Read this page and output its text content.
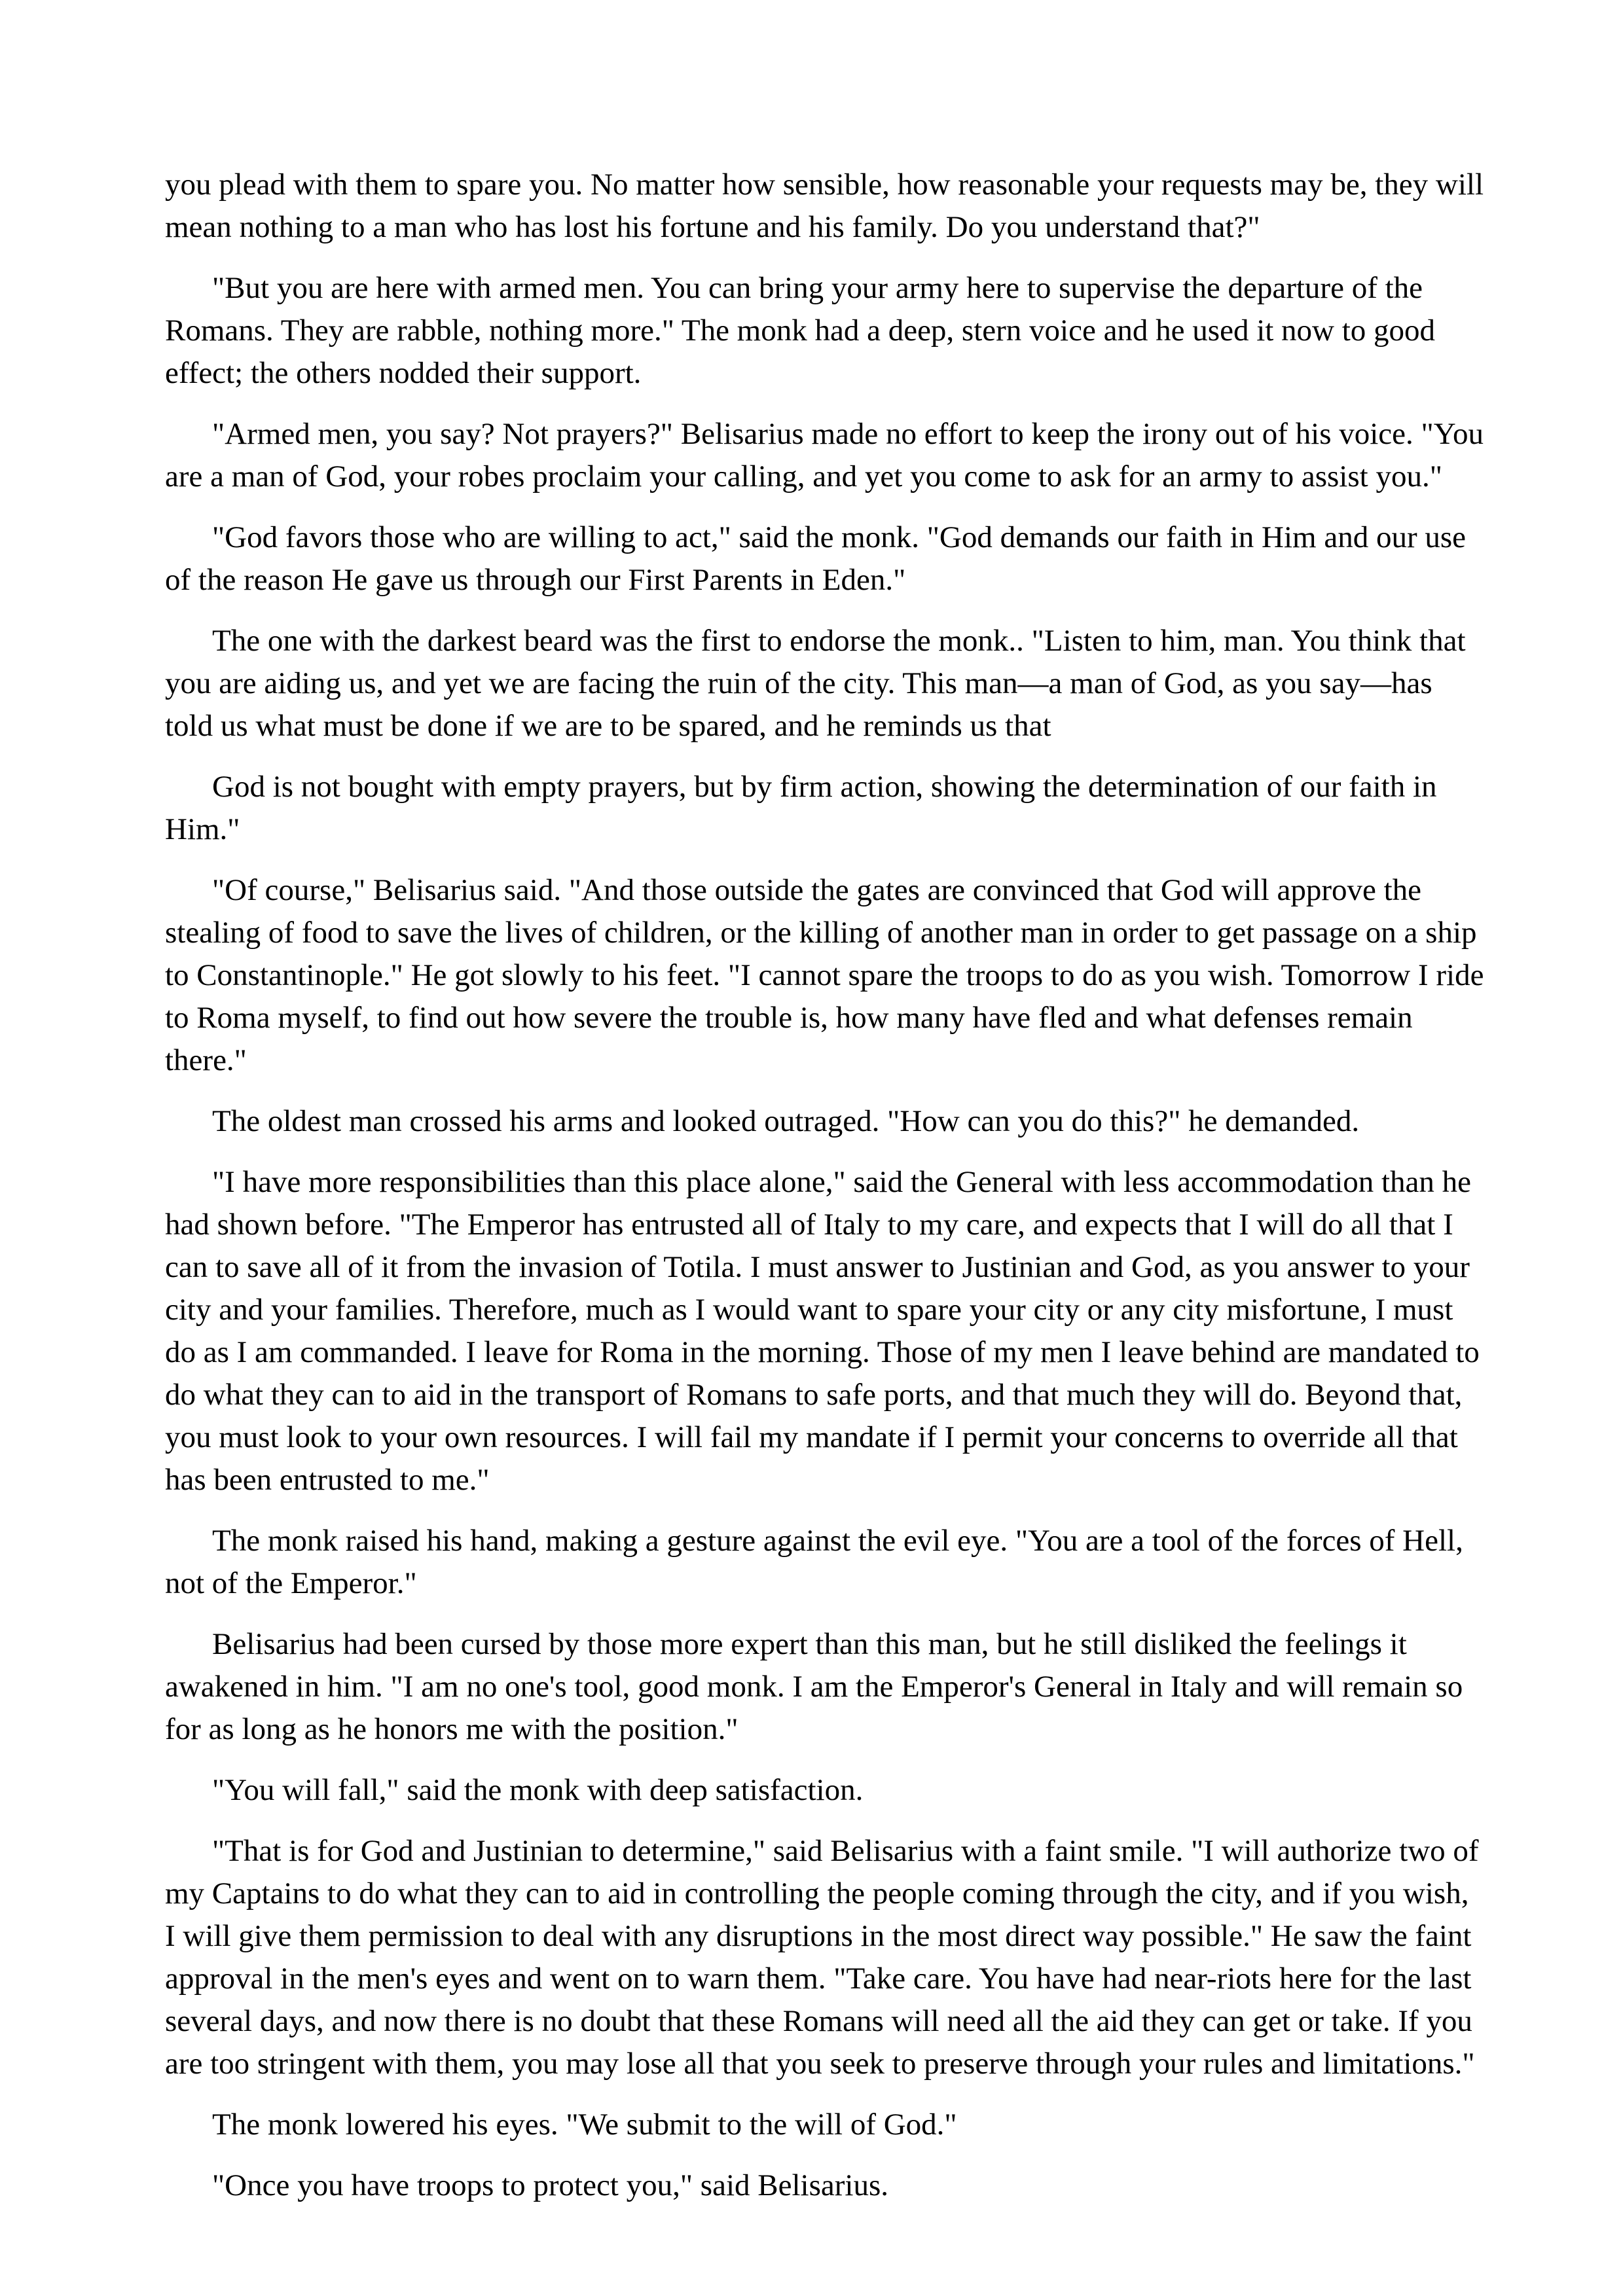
you plead with them to spare you. No matter how sensible, how reasonable your requests may be, they will mean nothing to a man who has lost his fortune and his family. Do you understand that?"

"But you are here with armed men. You can bring your army here to supervise the departure of the Romans. They are rabble, nothing more." The monk had a deep, stern voice and he used it now to good effect; the others nodded their support.

"Armed men, you say? Not prayers?" Belisarius made no effort to keep the irony out of his voice. "You are a man of God, your robes proclaim your calling, and yet you come to ask for an army to assist you."

"God favors those who are willing to act," said the monk. "God demands our faith in Him and our use of the reason He gave us through our First Parents in Eden."

The one with the darkest beard was the first to endorse the monk.. "Listen to him, man. You think that you are aiding us, and yet we are facing the ruin of the city. This man—a man of God, as you say—has told us what must be done if we are to be spared, and he reminds us that

God is not bought with empty prayers, but by firm action, showing the determination of our faith in Him."

"Of course," Belisarius said. "And those outside the gates are convinced that God will approve the stealing of food to save the lives of children, or the killing of another man in order to get passage on a ship to Constantinople." He got slowly to his feet. "I cannot spare the troops to do as you wish. Tomorrow I ride to Roma myself, to find out how severe the trouble is, how many have fled and what defenses remain there."

The oldest man crossed his arms and looked outraged. "How can you do this?" he demanded.

"I have more responsibilities than this place alone," said the General with less accommodation than he had shown before. "The Emperor has entrusted all of Italy to my care, and expects that I will do all that I can to save all of it from the invasion of Totila. I must answer to Justinian and God, as you answer to your city and your families. Therefore, much as I would want to spare your city or any city misfortune, I must do as I am commanded. I leave for Roma in the morning. Those of my men I leave behind are mandated to do what they can to aid in the transport of Romans to safe ports, and that much they will do. Beyond that, you must look to your own resources. I will fail my mandate if I permit your concerns to override all that has been entrusted to me."

The monk raised his hand, making a gesture against the evil eye. "You are a tool of the forces of Hell, not of the Emperor."

Belisarius had been cursed by those more expert than this man, but he still disliked the feelings it awakened in him. "I am no one's tool, good monk. I am the Emperor's General in Italy and will remain so for as long as he honors me with the position."

"You will fall," said the monk with deep satisfaction.

"That is for God and Justinian to determine," said Belisarius with a faint smile. "I will authorize two of my Captains to do what they can to aid in controlling the people coming through the city, and if you wish, I will give them permission to deal with any disruptions in the most direct way possible." He saw the faint approval in the men's eyes and went on to warn them. "Take care. You have had near-riots here for the last several days, and now there is no doubt that these Romans will need all the aid they can get or take. If you are too stringent with them, you may lose all that you seek to preserve through your rules and limitations."

The monk lowered his eyes. "We submit to the will of God."

"Once you have troops to protect you," said Belisarius.
